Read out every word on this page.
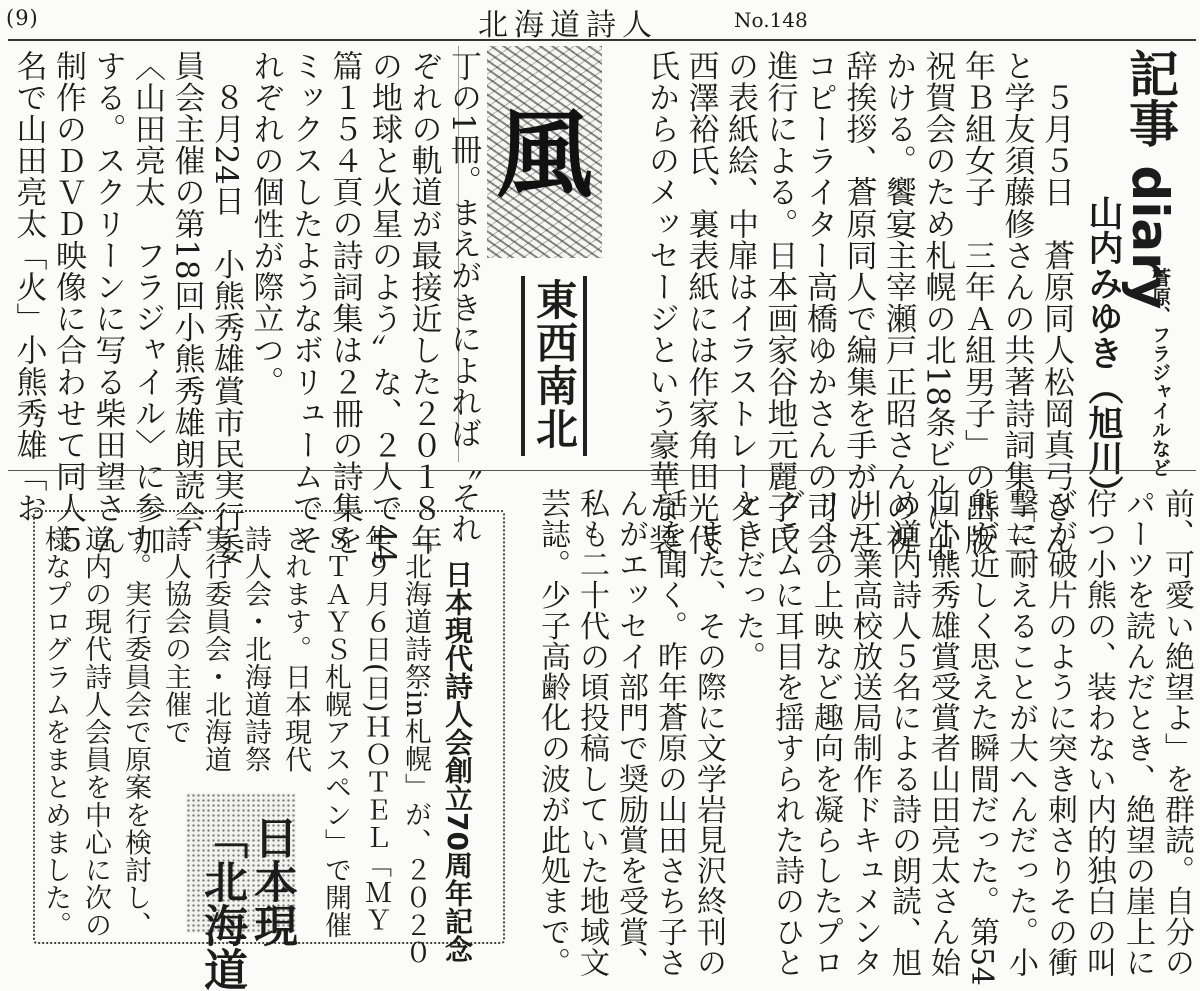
(9)	北海道詩人	No.148
記事 diary
蒼原、フラジャイルなど
山内みゆき（旭川）
　５月５日　蒼原同人松岡真弓さん
と学友須藤修さんの共著詩詞集「三
年Ｂ組女子　三年Ａ組男子」の出版
祝賀会のため札幌の北18条ビルに出
かける。饗宴主宰瀬戸正昭さんの祝
辞挨拶、蒼原同人で編集を手がけた
コピーライター高橋ゆかさんの司会
進行による。日本画家谷地元麗子氏
の表紙絵、中扉はイラストレーター
西澤裕氏、裏表紙には作家角田光代
氏からのメッセージという豪華な装
風
東西南北
丁の1冊。まえがきによれば〝それ
ぞれの軌道が最接近した２０１８年
の地球と火星のよう〟な、２人で44
篇１５４頁の詩詞集は２冊の詩集を
ミックスしたようなボリュームでそ
れぞれの個性が際立つ。
　８月24日　小熊秀雄賞市民実行委
員会主催の第18回小熊秀雄朗読会
〈山田亮太　フラジャイル〉に参加
する。スクリーンに写る柴田望さん
制作のＤＶＤ映像に合わせて同人５
名で山田亮太「火」小熊秀雄「お
前、可愛い絶望よ」を群読。自分の
パーツを読んだとき、絶望の崖上に
佇つ小熊の、装わない内的独白の叫
びが破片のように突き刺さりその衝
撃に耐えることが大へんだった。小
熊が近しく思えた瞬間だった。第54
回小熊秀雄賞受賞者山田亮太さん始
め道内詩人５名による詩の朗読、旭
川工業高校放送局制作ドキュメンタ
リーの上映など趣向を凝らしたプロ
グラムに耳目を揺すられた詩のひと
ときだった。
　また、その際に文学岩見沢終刊の
話を聞く。昨年蒼原の山田さち子さ
んがエッセイ部門で奨励賞を受賞、
私も二十代の頃投稿していた地域文
芸誌。少子高齢化の波が此処まで。
日本現代詩人会創立70周年記念
「北海道詩祭in札幌」が、２０２０
年９月６日(日)ＨＯＴＥＬ「ＭＹ
ＳＴＡＹＳ札幌アスペン」で開催
されます。日本現代
詩人会・北海道詩祭
実行委員会・北海道
詩人協会の主催で
す。実行委員会で原案を検討し、
道内の現代詩人会員を中心に次の
様なプログラムをまとめました。	日本現
「北海道
